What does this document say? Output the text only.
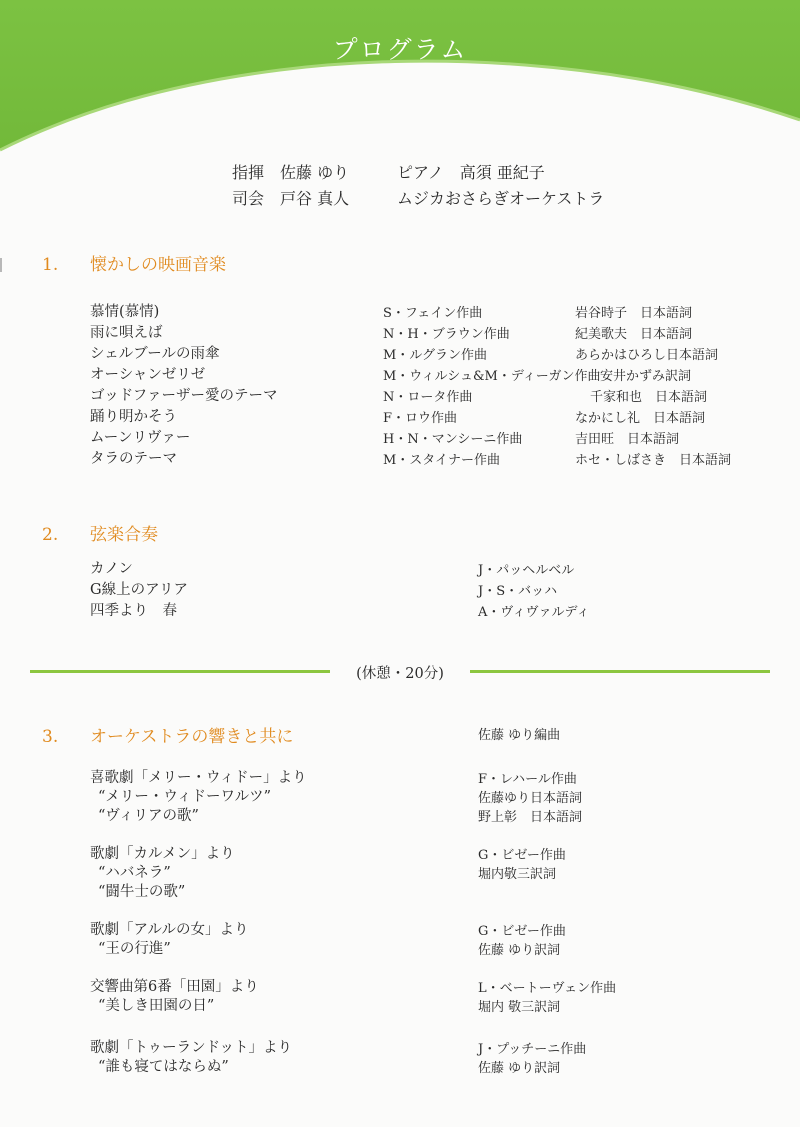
プログラム
指揮　佐藤 ゆり	ピアノ　高須 亜紀子
司会　戸谷 真人	ムジカおさらぎオーケストラ
1. 懐かしの映画音楽
慕情(慕情)	S・フェイン作曲	岩谷時子　日本語詞
雨に唄えば	N・H・ブラウン作曲	紀美歌夫　日本語詞
シェルブールの雨傘	M・ルグラン作曲	あらかはひろし日本語詞
オーシャンゼリゼ	M・ウィルシュ&M・ディーガン作曲 安井かずみ訳詞
ゴッドファーザー愛のテーマ	N・ロータ作曲	千家和也　日本語詞
踊り明かそう	F・ロウ作曲	なかにし礼　日本語詞
ムーンリヴァー	H・N・マンシーニ作曲	吉田旺　日本語詞
タラのテーマ	M・スタイナー作曲	ホセ・しばさき　日本語詞
2. 弦楽合奏
カノン	J・パッヘルベル
G線上のアリア	J・S・バッハ
四季より　春	A・ヴィヴァルディ
(休憩・20分)
3. オーケストラの響きと共に	佐藤 ゆり編曲
喜歌劇「メリー・ウィドー」より	F・レハール作曲
“メリー・ウィドーワルツ”	佐藤ゆり日本語詞
“ヴィリアの歌”	野上彰　日本語詞
歌劇「カルメン」より	G・ビゼー作曲
“ハバネラ”	堀内敬三訳詞
“闘牛士の歌”
歌劇「アルルの女」より	G・ビゼー作曲
“王の行進”	佐藤 ゆり訳詞
交響曲第6番「田園」より	L・ベートーヴェン作曲
“美しき田園の日”	堀内 敬三訳詞
歌劇「トゥーランドット」より	J・プッチーニ作曲
“誰も寝てはならぬ”	佐藤 ゆり訳詞
